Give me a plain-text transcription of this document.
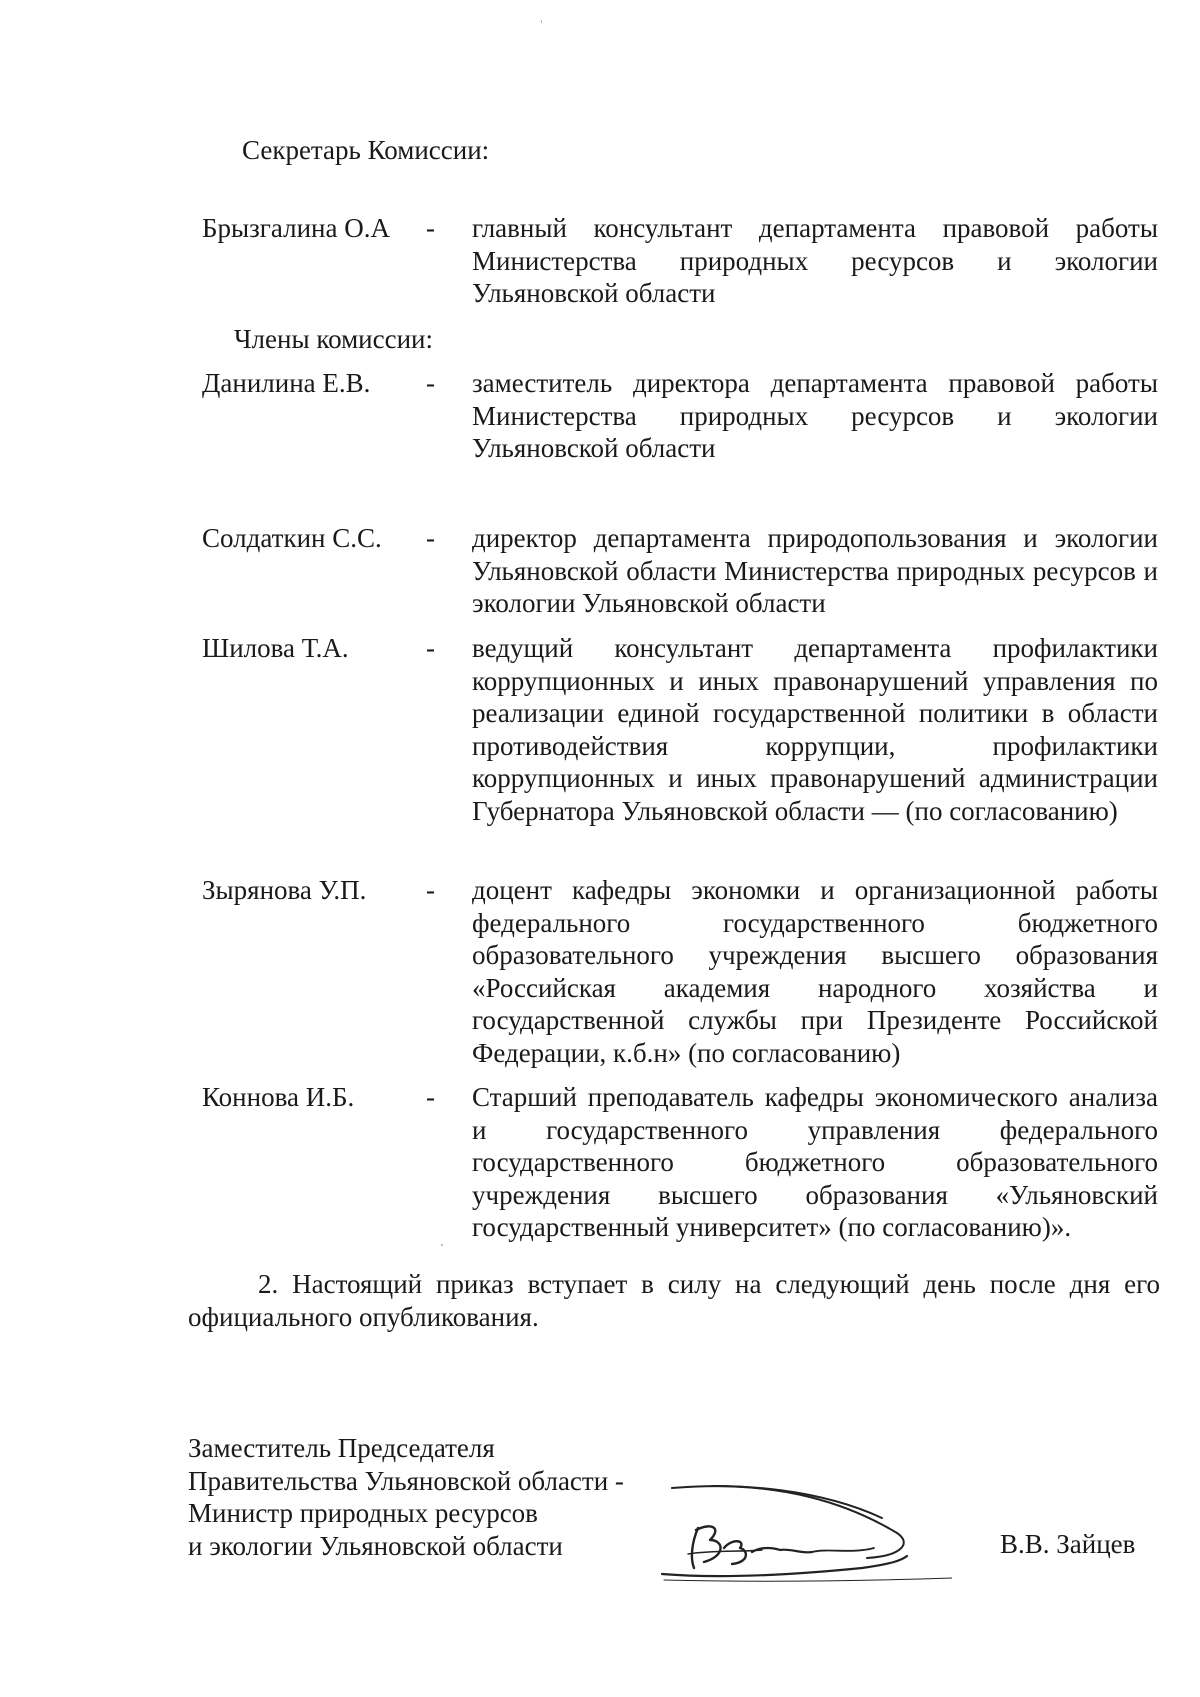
Секретарь Комиссии:
Брызгалина О.А - главный консультант департамента правовой работы Министерства природных ресурсов и экологии Ульяновской области
Члены комиссии:
Данилина Е.В. - заместитель директора департамента правовой работы Министерства природных ресурсов и экологии Ульяновской области
Солдаткин С.С. - директор департамента природопользования и экологии Ульяновской области Министерства природных ресурсов и экологии Ульяновской области
Шилова Т.А.	- ведущий консультант департамента профилактики коррупционных и иных правонарушений управления по реализации единой государственной политики в области противодействия коррупции, профилактики коррупционных и иных правонарушений администрации Губернатора Ульяновской области — (по согласованию)
Зырянова У.П. - доцент кафедры экономки и организационной работы федерального государственного бюджетного образовательного учреждения высшего образования «Российская академия народного хозяйства и государственной службы при Президенте Российской Федерации, к.б.н» (по согласованию)
Коннова И.Б.	- Старший преподаватель кафедры экономического анализа и государственного управления федерального государственного бюджетного образовательного учреждения высшего образования «Ульяновский государственный университет» (по согласованию)».
2. Настоящий приказ вступает в силу на следующий день после дня его официального опубликования.
Заместитель Председателя
Правительства Ульяновской области -
Министр природных ресурсов
и экологии Ульяновской области	В.В. Зайцев
